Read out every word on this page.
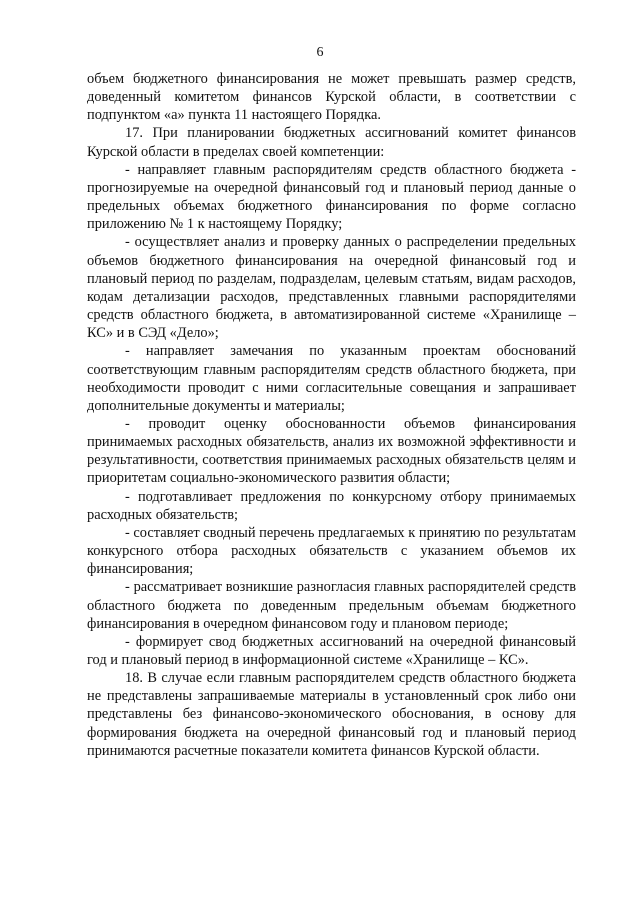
6

объем бюджетного финансирования не может превышать размер средств, доведенный комитетом финансов Курской области, в соответствии с подпунктом «а» пункта 11 настоящего Порядка.

17. При планировании бюджетных ассигнований комитет финансов Курской области в пределах своей компетенции:

- направляет главным распорядителям средств областного бюджета - прогнозируемые на очередной финансовый год и плановый период данные о предельных объемах бюджетного финансирования по форме согласно приложению № 1 к настоящему Порядку;

- осуществляет анализ и проверку данных о распределении предельных объемов бюджетного финансирования на очередной финансовый год и плановый период по разделам, подразделам, целевым статьям, видам расходов, кодам детализации расходов, представленных главными распорядителями средств областного бюджета, в автоматизированной системе «Хранилище – КС» и в СЭД «Дело»;

- направляет замечания по указанным проектам обоснований соответствующим главным распорядителям средств областного бюджета, при необходимости проводит с ними согласительные совещания и запрашивает дополнительные документы и материалы;

- проводит оценку обоснованности объемов финансирования принимаемых расходных обязательств, анализ их возможной эффективности и результативности, соответствия принимаемых расходных обязательств целям и приоритетам социально-экономического развития области;

- подготавливает предложения по конкурсному отбору принимаемых расходных обязательств;

- составляет сводный перечень предлагаемых к принятию по результатам конкурсного отбора расходных обязательств с указанием объемов их финансирования;

- рассматривает возникшие разногласия главных распорядителей средств областного бюджета по доведенным предельным объемам бюджетного финансирования в очередном финансовом году и плановом периоде;

- формирует свод бюджетных ассигнований на очередной финансовый год и плановый период в информационной системе «Хранилище – КС».

18. В случае если главным распорядителем средств областного бюджета не представлены запрашиваемые материалы в установленный срок либо они представлены без финансово-экономического обоснования, в основу для формирования бюджета на очередной финансовый год и плановый период принимаются расчетные показатели комитета финансов Курской области.
